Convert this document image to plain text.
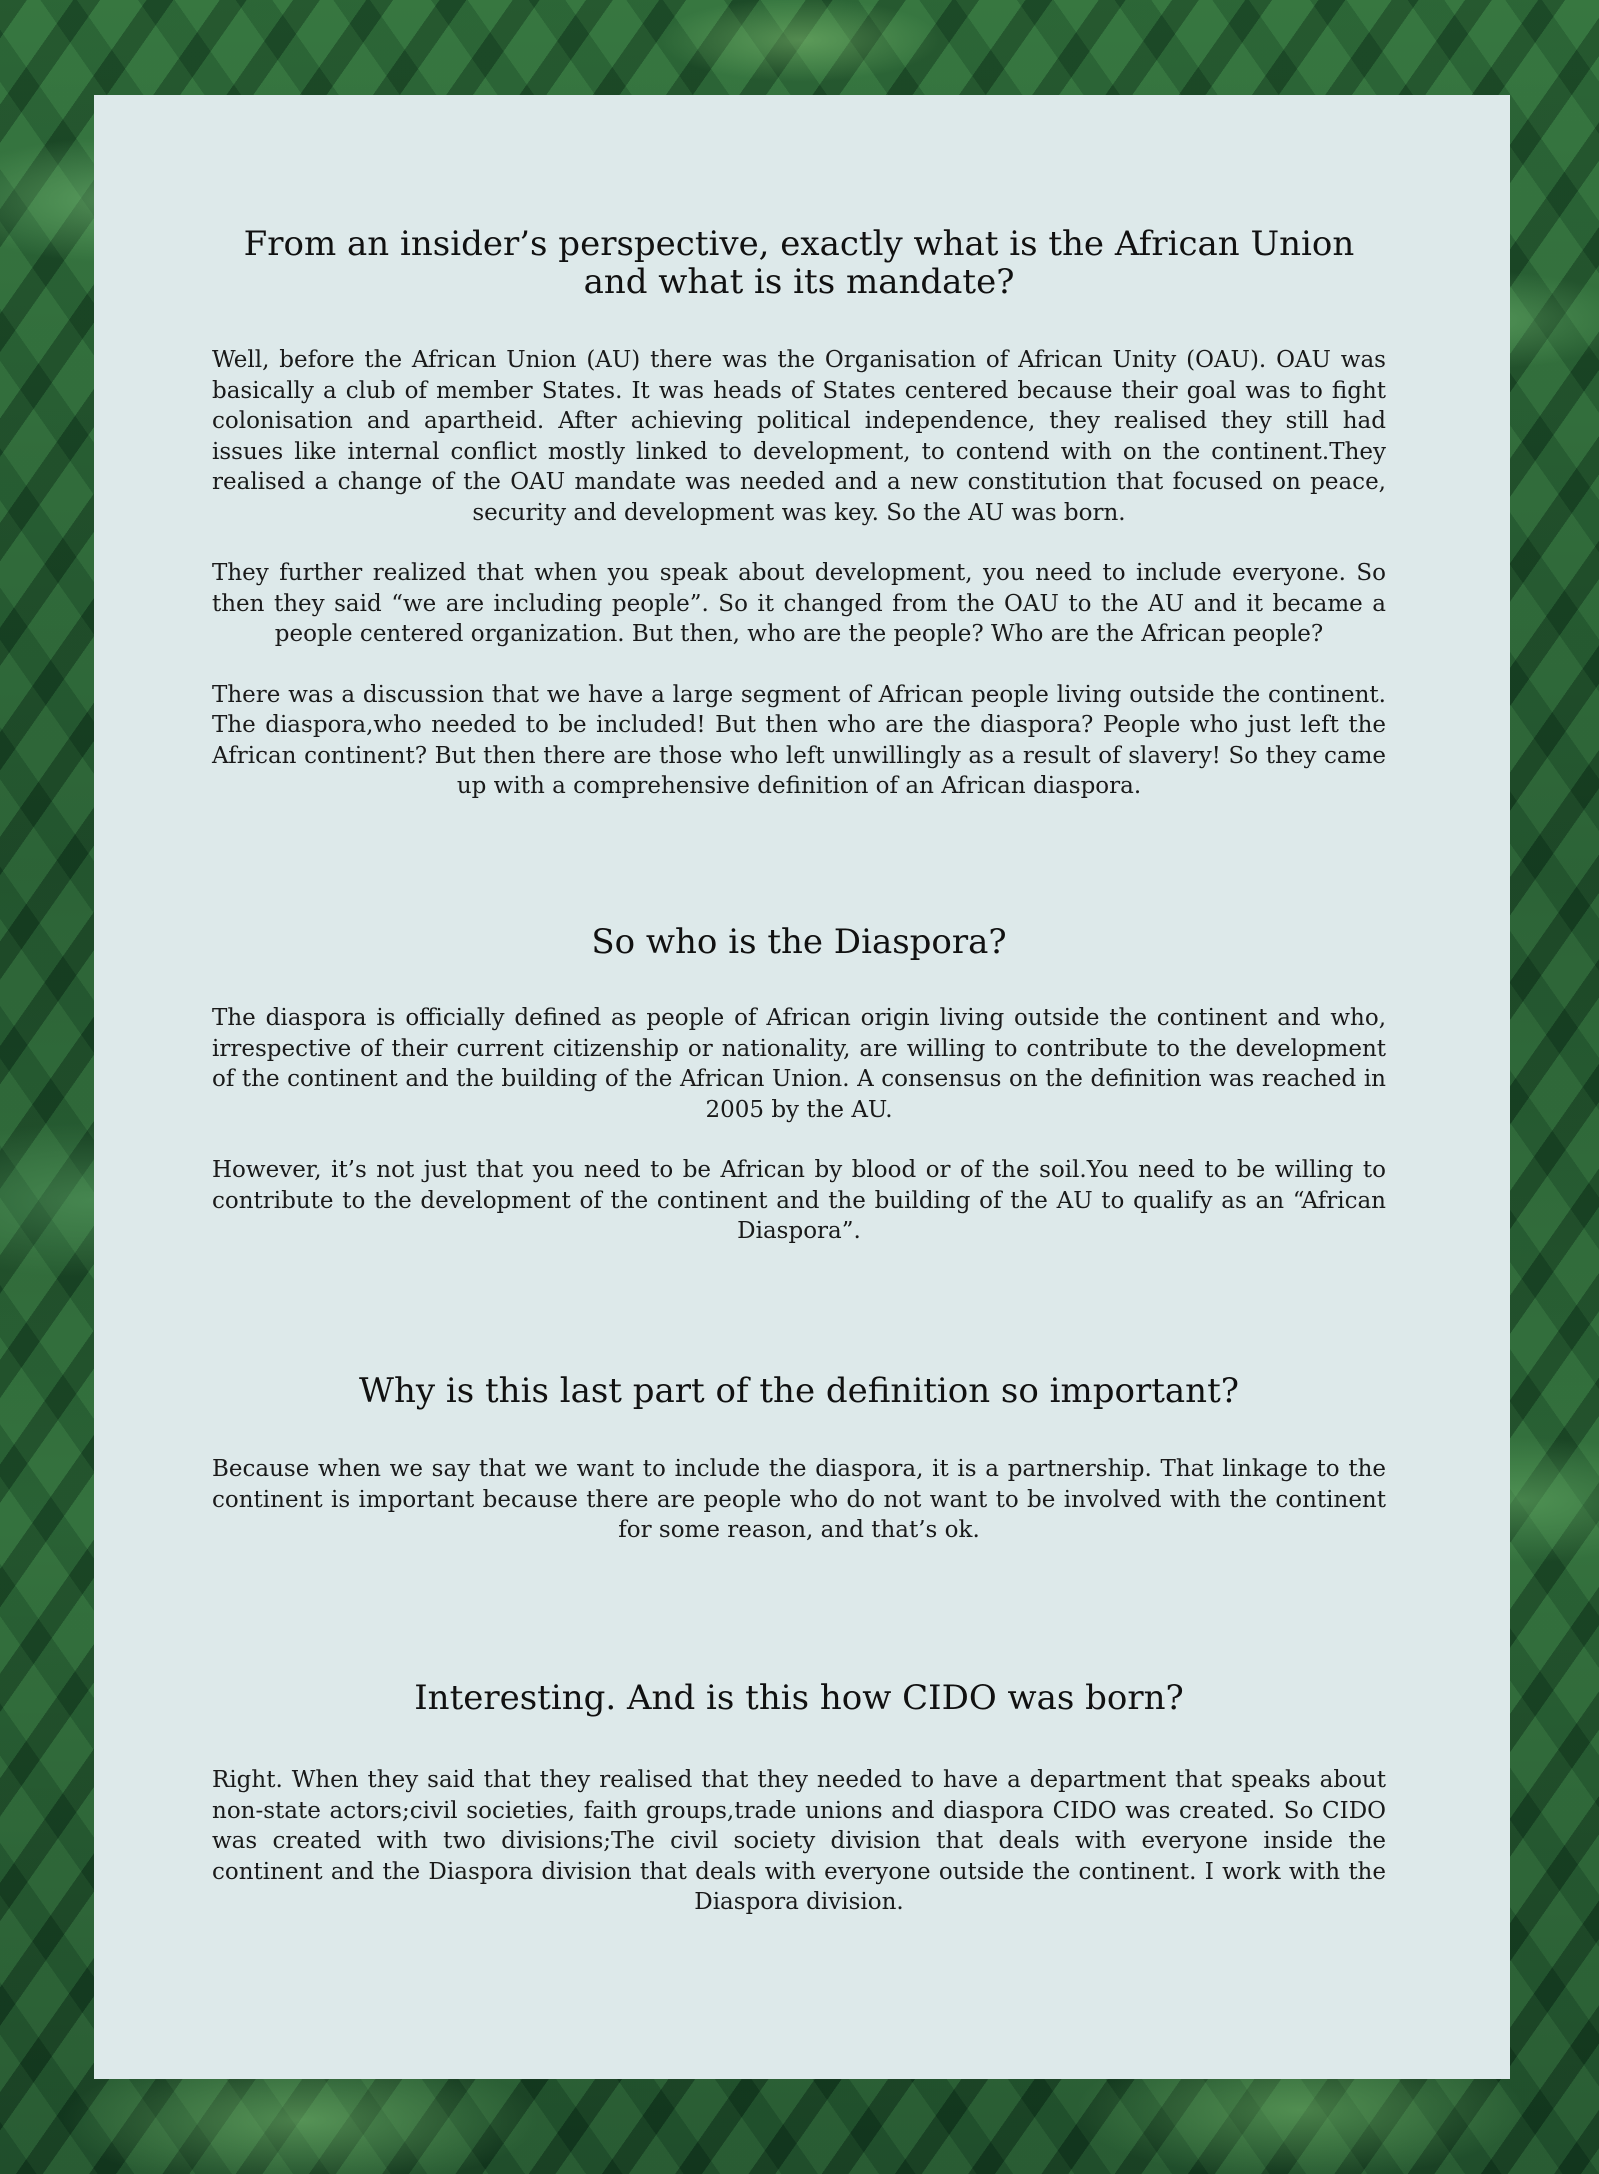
From an insider’s perspective, exactly what is the African Union and what is its mandate?

Well, before the African Union (AU) there was the Organisation of African Unity (OAU). OAU was basically a club of member States. It was heads of States centered because their goal was to fight colonisation and apartheid. After achieving political independence, they realised they still had issues like internal conflict mostly linked to development, to contend with on the continent.They realised a change of the OAU mandate was needed and a new constitution that focused on peace, security and development was key. So the AU was born.

They further realized that when you speak about development, you need to include everyone. So then they said “we are including people”. So it changed from the OAU to the AU and it became a people centered organization. But then, who are the people? Who are the African people?

There was a discussion that we have a large segment of African people living outside the continent. The diaspora,who needed to be included! But then who are the diaspora? People who just left the African continent? But then there are those who left unwillingly as a result of slavery! So they came up with a comprehensive definition of an African diaspora.

So who is the Diaspora?

The diaspora is officially defined as people of African origin living outside the continent and who, irrespective of their current citizenship or nationality, are willing to contribute to the development of the continent and the building of the African Union. A consensus on the definition was reached in 2005 by the AU.

However, it’s not just that you need to be African by blood or of the soil.You need to be willing to contribute to the development of the continent and the building of the AU to qualify as an “African Diaspora”.

Why is this last part of the definition so important?

Because when we say that we want to include the diaspora, it is a partnership. That linkage to the continent is important because there are people who do not want to be involved with the continent for some reason, and that’s ok.

Interesting. And is this how CIDO was born?

Right. When they said that they realised that they needed to have a department that speaks about non-state actors;civil societies, faith groups,trade unions and diaspora CIDO was created. So CIDO was created with two divisions;The civil society division that deals with everyone inside the continent and the Diaspora division that deals with everyone outside the continent. I work with the Diaspora division.
